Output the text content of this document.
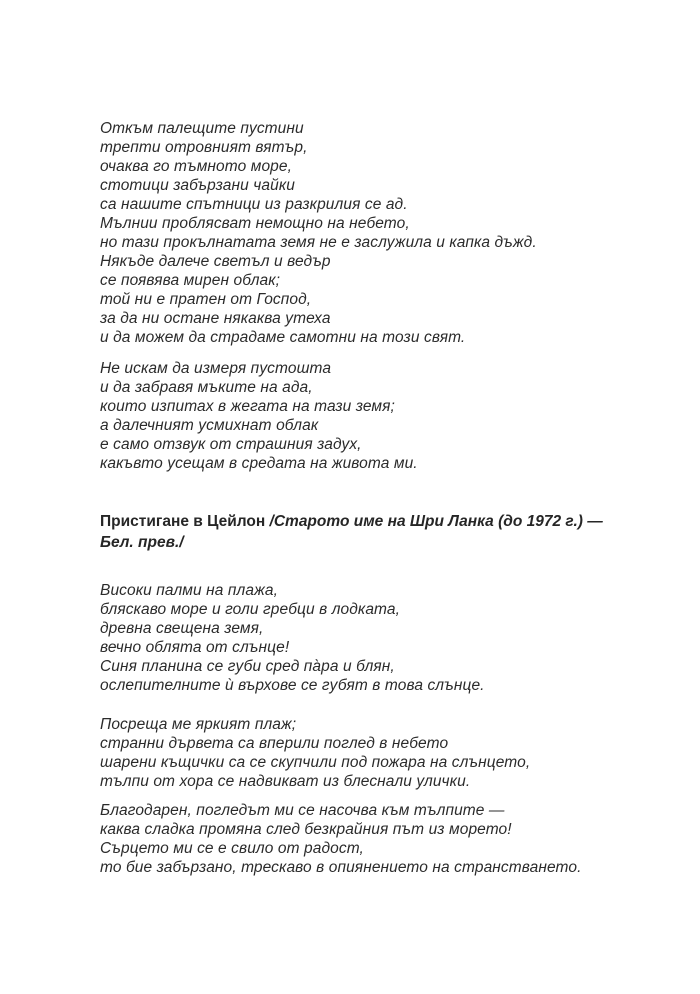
Откъм палещите пустини
трепти отровният вятър,
очаква го тъмното море,
стотици забързани чайки
са нашите спътници из разкрилия се ад.
Мълнии проблясват немощно на небето,
но тази прокълнатата земя не е заслужила и капка дъжд.
Някъде далече светъл и ведър
се появява мирен облак;
той ни е пратен от Господ,
за да ни остане някаква утеха
и да можем да страдаме самотни на този свят.
Не искам да измеря пустошта
и да забравя мъките на ада,
които изпитах в жегата на тази земя;
а далечният усмихнат облак
е само отзвук от страшния задух,
какъвто усещам в средата на живота ми.
Пристигане в Цейлон /Старото име на Шри Ланка (до 1972 г.) — Бел. прев./
Високи палми на плажа,
бляскаво море и голи гребци в лодката,
древна свещена земя,
вечно облята от слънце!
Синя планина се губи сред па̀ра и блян,
ослепителните ѝ върхове се губят в това слънце.
Посреща ме яркият плаж;
странни дървета са вперили поглед в небето
шарени къщички са се скупчили под пожара на слънцето,
тълпи от хора се надвикват из блеснали улички.
Благодарен, погледът ми се насочва към тълпите —
каква сладка промяна след безкрайния път из морето!
Сърцето ми се е свило от радост,
то бие забързано, трескаво в опиянението на странстването.
